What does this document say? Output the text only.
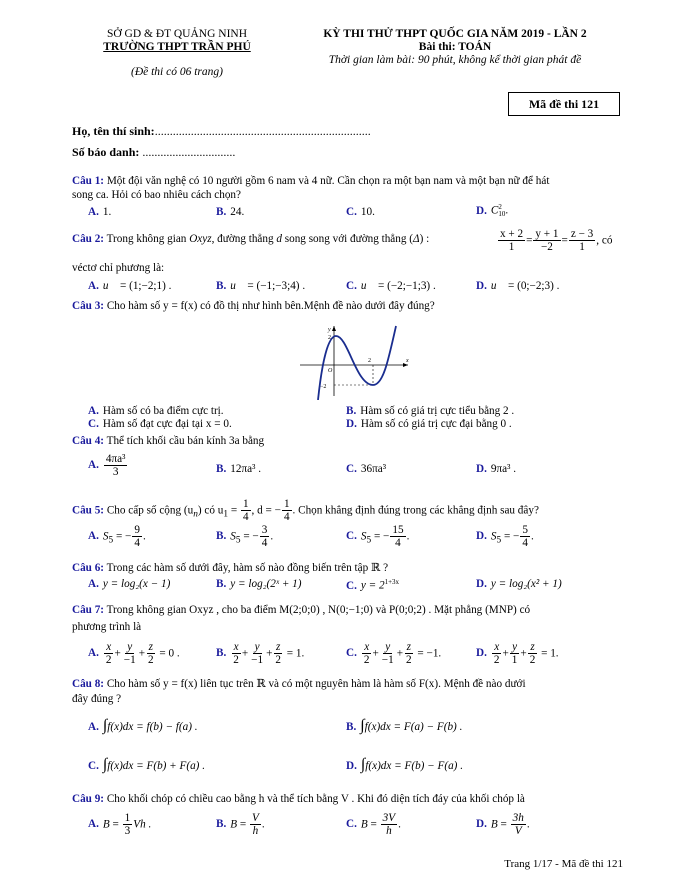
SỞ GD & ĐT QUẢNG NINH
TRƯỜNG THPT TRẦN PHÚ
(Đề thi có 06 trang)
KỲ THI THỬ THPT QUỐC GIA NĂM 2019 - LẦN 2
Bài thi: TOÁN
Thời gian làm bài: 90 phút, không kể thời gian phát đề
Mã đề thi 121
Họ, tên thí sinh:........................................................................
Số báo danh: ...............................
Câu 1: Một đội văn nghệ có 10 người gồm 6 nam và 4 nữ. Cần chọn ra một bạn nam và một bạn nữ để hát
song ca. Hỏi có bao nhiêu cách chọn?
A. 1.	B. 24.	C. 10.	D. C 2
10 .
Câu 2: Trong không gian Oxyz, đường thẳng d song song với đường thẳng (Δ) :	$\frac{x + 2}{1} = \frac{y + 1}{-2} = \frac{z - 3}{1}$ , có
véctơ chỉ phương là:
A. u⃗ = (1;−2;1) .	B. u⃗ = (−1;−3;4) .	C. u⃗ = (−2;−1;3) .	D. u⃗ = (0;−2;3) .
Câu 3: Cho hàm số y = f(x) có đồ thị như hình bên.Mệnh đề nào dưới đây đúng?
y
x
O
2
2
−2
A. Hàm số có ba điểm cực trị.	B. Hàm số có giá trị cực tiểu bằng 2 .
C. Hàm số đạt cực đại tại x = 0.	D. Hàm số có giá trị cực đại bằng 0 .
Câu 4: Thể tích khối cầu bán kính 3a bằng
A. $\frac{\text{4πa³}}{3}$	B. 12πa³ .	C. 36πa³	D. 9πa³ .
Câu 5: Cho cấp số cộng $(u_n)$ có $u_1 = \frac{1}{4}$ , d = − $\frac{1}{4}$ . Chọn khẳng định đúng trong các khẳng định sau đây?
A. $S_5$ = − $\frac{9}{4}$ .	B. $S_5$ = − $\frac{3}{4}$ .	C. $S_5$ = − $\frac{15}{4}$ .	D. $S_5$ = − $\frac{5}{4}$ .
Câu 6: Trong các hàm số dưới đây, hàm số nào đồng biến trên tập ℝ ?
A. y = log₂(x − 1)	B. y = log₂(2ˣ + 1)	C. $y = 2^{1+3x}$	D. y = log₂(x² + 1)
Câu 7: Trong không gian Oxyz , cho ba điểm M(2;0;0) , N(0;−1;0) và P(0;0;2) . Mặt phẳng (MNP) có
phương trình là
A. $\frac{x}{2} + \frac{y}{-1} + \frac{z}{2} = 0$ .	B. $\frac{x}{2} + \frac{y}{-1} + \frac{z}{2} = 1$.	C. $\frac{x}{2} + \frac{y}{-1} + \frac{z}{2} = -1$.	D. $\frac{x}{2} + \frac{y}{1} + \frac{z}{2} = 1$.
Câu 8: Cho hàm số y = f(x) liên tục trên ℝ và có một nguyên hàm là hàm số F(x). Mệnh đề nào dưới
đây đúng ?
A. ∫f(x)dx = f(b) − f(a) .	B. ∫f(x)dx = F(a) − F(b) .
C. ∫f(x)dx = F(b) + F(a) .	D. ∫f(x)dx = F(b) − F(a) .
Câu 9: Cho khối chóp có chiều cao bằng h và thể tích bằng V . Khi đó diện tích đáy của khối chóp là
A. $B = \frac{1}{3}$ Vh .	B. $B = \frac{V}{h}$ .	C. $B = \frac{3V}{h}$ .	D. $B = \frac{3h}{V}$ .
Trang 1/17 - Mã đề thi 121
